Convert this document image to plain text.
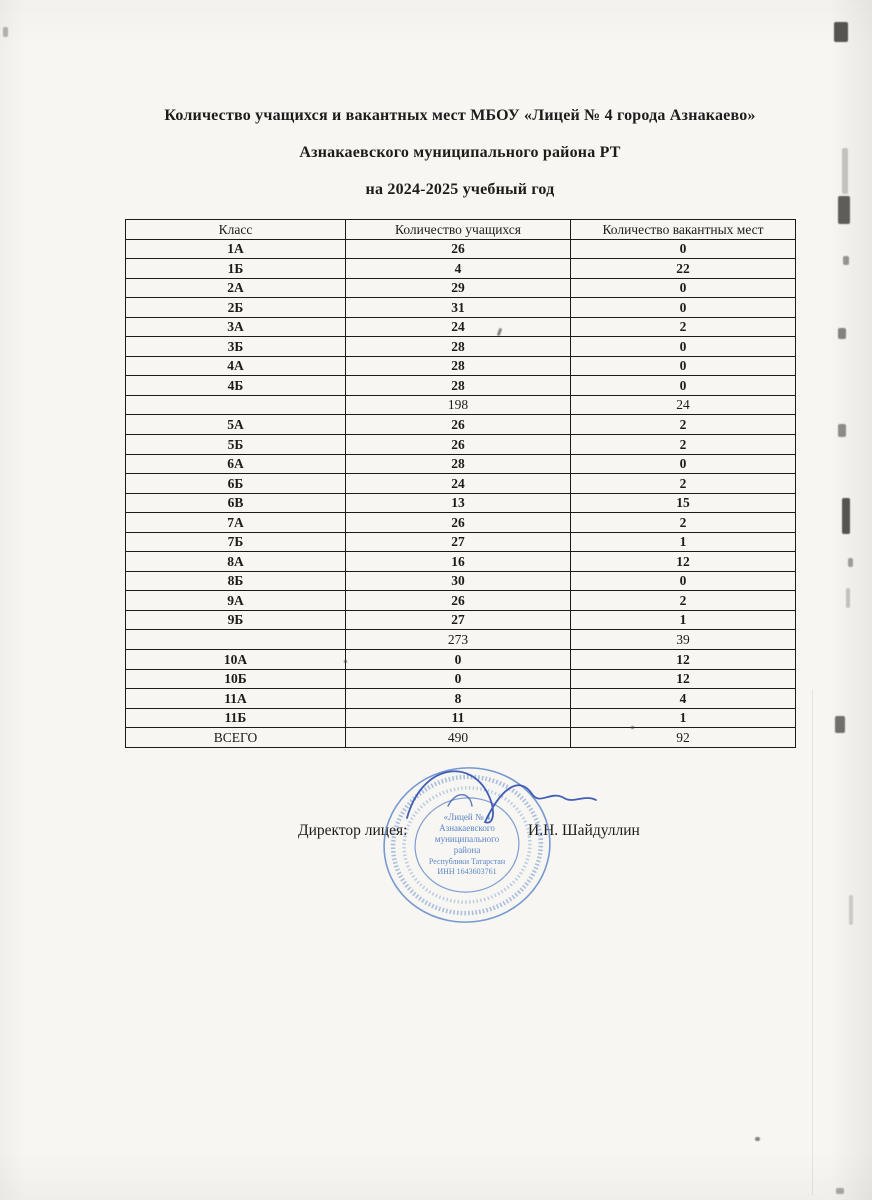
Количество учащихся и вакантных мест МБОУ «Лицей № 4 города Азнакаево»
Азнакаевского муниципального района РТ
на 2024-2025 учебный год
Класс	Количество учащихся	Количество вакантных мест
1А	26	0
1Б	4	22
2А	29	0
2Б	31	0
3А	24	2
3Б	28	0
4А	28	0
4Б	28	0
	198	24
5А	26	2
5Б	26	2
6А	28	0
6Б	24	2
6В	13	15
7А	26	2
7Б	27	1
8А	16	12
8Б	30	0
9А	26	2
9Б	27	1
	273	39
10А	0	12
10Б	0	12
11А	8	4
11Б	11	1
ВСЕГО	490	92
Директор лицея:	И.Н. Шайдуллин
«Лицей № 4
Азнакаевского
муниципального
района
Республики Татарстан
ИНН 1643603761
